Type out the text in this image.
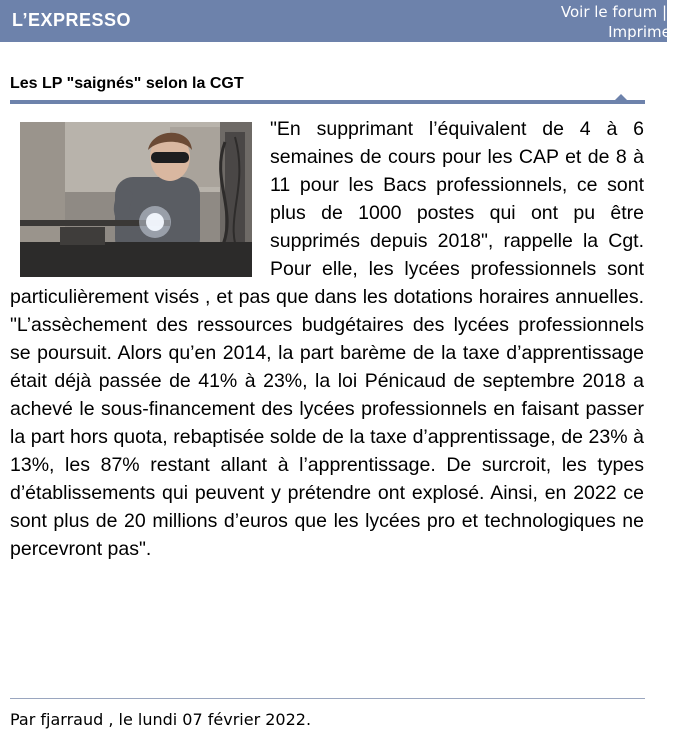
L’EXPRESSO	Voir le forum |
Imprimer
Les LP "saignés" selon la CGT
"En supprimant l’équivalent de 4 à 6 semaines de cours pour les CAP et de 8 à 11 pour les Bacs professionnels, ce sont plus de 1000 postes qui ont pu être supprimés depuis 2018", rappelle la Cgt. Pour elle, les lycées professionnels sont particulièrement visés , et pas que dans les dotations horaires annuelles. "L’assèchement des ressources budgétaires des lycées professionnels se poursuit. Alors qu’en 2014, la part barème de la taxe d’apprentissage était déjà passée de 41% à 23%, la loi Pénicaud de septembre 2018 a achevé le sous-financement des lycées professionnels en faisant passer la part hors quota, rebaptisée solde de la taxe d’apprentissage, de 23% à 13%, les 87% restant allant à l’apprentissage. De surcroit, les types d’établissements qui peuvent y prétendre ont explosé. Ainsi, en 2022 ce sont plus de 20 millions d’euros que les lycées pro et technologiques ne percevront pas".
Par fjarraud , le lundi 07 février 2022.
